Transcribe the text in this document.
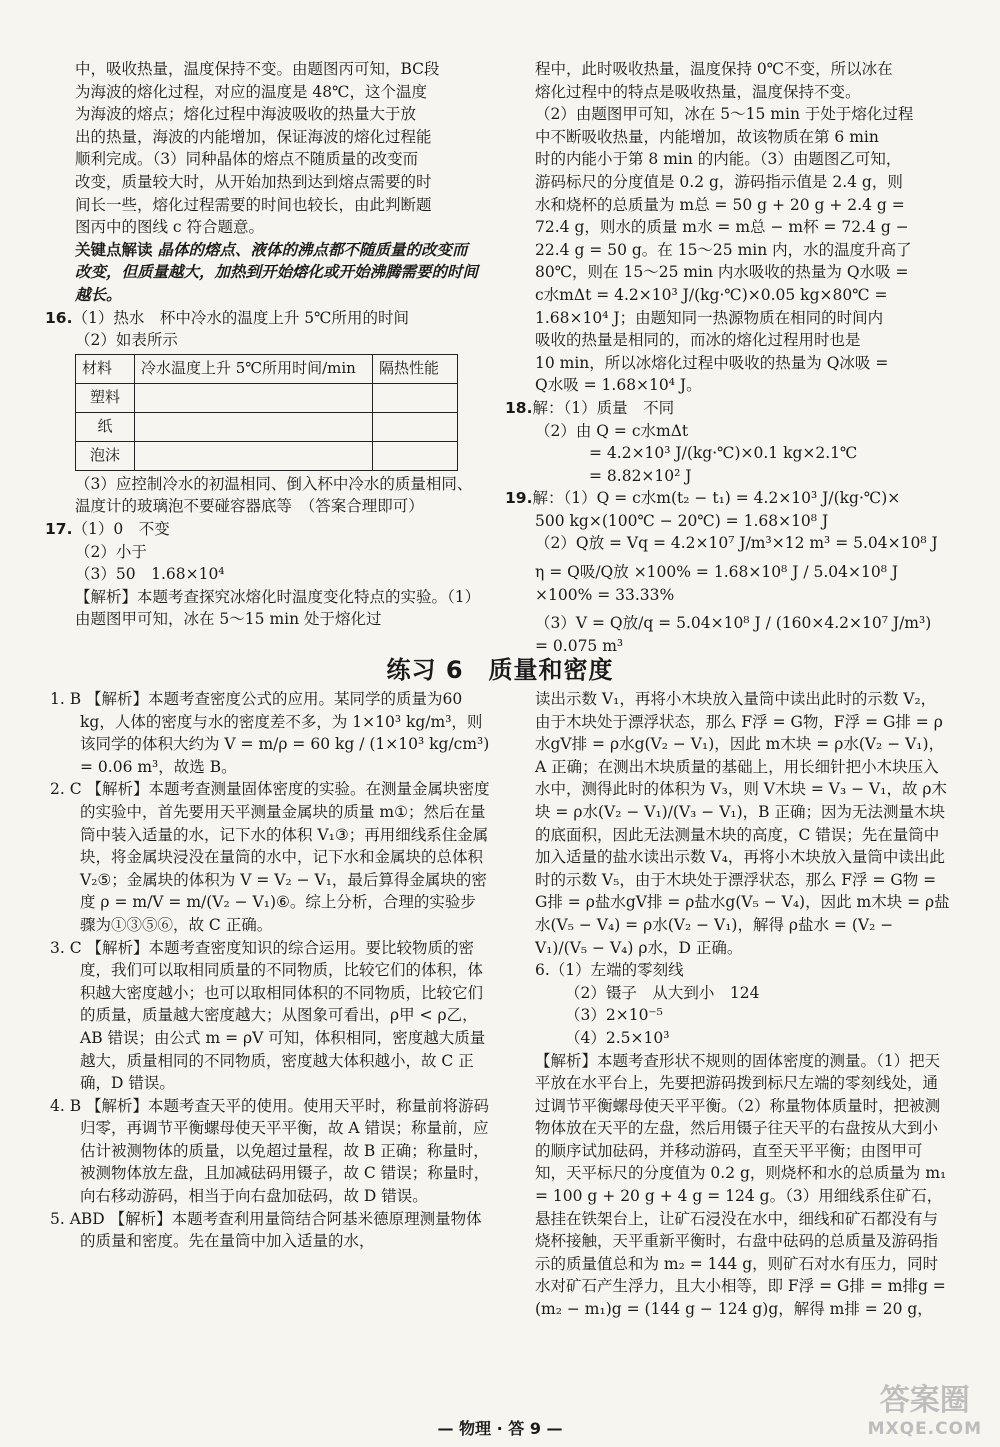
中，吸收热量，温度保持不变。由题图丙可知，BC段

为海波的熔化过程，对应的温度是 48℃，这个温度

为海波的熔点；熔化过程中海波吸收的热量大于放

出的热量，海波的内能增加，保证海波的熔化过程能

顺利完成。（3）同种晶体的熔点不随质量的改变而

改变，质量较大时，从开始加热到达到熔点需要的时

间长一些，熔化过程需要的时间也较长，由此判断题

图丙中的图线 c 符合题意。

关键点解读 晶体的熔点、液体的沸点都不随质量的改变而改变，但质量越大，加热到开始熔化或开始沸腾需要的时间越长。

16.（1）热水　杯中冷水的温度上升 5℃所用的时间
（2）如表所示
材料	冷水温度上升 5℃所用时间/min	隔热性能
塑料		
纸		
泡沫		
（3）应控制冷水的初温相同、倒入杯中冷水的质量相同、温度计的玻璃泡不要碰容器底等　（答案合理即可）
17.（1）0　不变
（2）小于
（3）50　1.68×10⁴
【解析】本题考查探究冰熔化时温度变化特点的实验。（1）由题图甲可知，冰在 5～15 min 处于熔化过

程中，此时吸收热量，温度保持 0℃不变，所以冰在

熔化过程中的特点是吸收热量，温度保持不变。

（2）由题图甲可知，冰在 5～15 min 于处于熔化过程

中不断吸收热量，内能增加，故该物质在第 6 min

时的内能小于第 8 min 的内能。（3）由题图乙可知，

游码标尺的分度值是 0.2 g，游码指示值是 2.4 g，则

水和烧杯的总质量为 m总 = 50 g + 20 g + 2.4 g =

72.4 g，则水的质量 m水 = m总 − m杯 = 72.4 g −

22.4 g = 50 g。在 15～25 min 内，水的温度升高了

80℃，则在 15～25 min 内水吸收的热量为 Q水吸 =

c水mΔt = 4.2×10³ J/(kg·℃)×0.05 kg×80℃ =

1.68×10⁴ J；由题知同一热源物质在相同的时间内

吸收的热量是相同的，而冰的熔化过程用时也是

10 min，所以冰熔化过程中吸收的热量为 Q冰吸 =

Q水吸 = 1.68×10⁴ J。

18.解：（1）质量　不同
（2）由 Q = c水mΔt
= 4.2×10³ J/(kg·℃)×0.1 kg×2.1℃
= 8.82×10² J
19.解：（1）Q = c水m(t₂ − t₁) = 4.2×10³ J/(kg·℃)×
500 kg×(100℃ − 20℃) = 1.68×10⁸ J
（2）Q放 = Vq = 4.2×10⁷ J/m³×12 m³ = 5.04×10⁸ J
η = Q吸/Q放 ×100% = 1.68×10⁸ J / 5.04×10⁸ J ×100% = 33.33%
（3）V = Q放/q = 5.04×10⁸ J / (160×4.2×10⁷ J/m³) = 0.075 m³
练习 6　质量和密度

1. B 【解析】本题考查密度公式的应用。某同学的质量为60 kg，人体的密度与水的密度差不多，为 1×10³ kg/m³，则该同学的体积大约为 V = m/ρ = 60 kg / (1×10³ kg/cm³) = 0.06 m³，故选 B。

2. C 【解析】本题考查测量固体密度的实验。在测量金属块密度的实验中，首先要用天平测量金属块的质量 m①；然后在量筒中装入适量的水，记下水的体积 V₁③；再用细线系住金属块，将金属块浸没在量筒的水中，记下水和金属块的总体积 V₂⑤；金属块的体积为 V = V₂ − V₁，最后算得金属块的密度 ρ = m/V = m/(V₂ − V₁)⑥。综上分析，合理的实验步骤为①③⑤⑥，故 C 正确。

3. C 【解析】本题考查密度知识的综合运用。要比较物质的密度，我们可以取相同质量的不同物质，比较它们的体积，体积越大密度越小；也可以取相同体积的不同物质，比较它们的质量，质量越大密度越大；从图象可看出，ρ甲 < ρ乙，AB 错误；由公式 m = ρV 可知，体积相同，密度越大质量越大，质量相同的不同物质，密度越大体积越小，故 C 正确，D 错误。

4. B 【解析】本题考查天平的使用。使用天平时，称量前将游码归零，再调节平衡螺母使天平平衡，故 A 错误；称量前，应估计被测物体的质量，以免超过量程，故 B 正确；称量时，被测物体放左盘，且加减砝码用镊子，故 C 错误；称量时，向右移动游码，相当于向右盘加砝码，故 D 错误。

5. ABD 【解析】本题考查利用量筒结合阿基米德原理测量物体的质量和密度。先在量筒中加入适量的水，

读出示数 V₁，再将小木块放入量筒中读出此时的示数 V₂，由于木块处于漂浮状态，那么 F浮 = G物，F浮 = G排 = ρ水gV排 = ρ水g(V₂ − V₁)，因此 m木块 = ρ水(V₂ − V₁)，A 正确；在测出木块质量的基础上，用长细针把小木块压入水中，测得此时的体积为 V₃，则 V木块 = V₃ − V₁，故 ρ木块 = ρ水(V₂ − V₁)/(V₃ − V₁)，B 正确；因为无法测量木块的底面积，因此无法测量木块的高度，C 错误；先在量筒中加入适量的盐水读出示数 V₄，再将小木块放入量筒中读出此时的示数 V₅，由于木块处于漂浮状态，那么 F浮 = G物 = G排 = ρ盐水gV排 = ρ盐水g(V₅ − V₄)，因此 m木块 = ρ盐水(V₅ − V₄) = ρ水(V₂ − V₁)，解得 ρ盐水 = (V₂ − V₁)/(V₅ − V₄) ρ水，D 正确。

6.（1）左端的零刻线
（2）镊子　从大到小　124
（3）2×10⁻⁵
（4）2.5×10³
【解析】本题考查形状不规则的固体密度的测量。（1）把天平放在水平台上，先要把游码拨到标尺左端的零刻线处，通过调节平衡螺母使天平平衡。（2）称量物体质量时，把被测物体放在天平的左盘，然后用镊子往天平的右盘按从大到小的顺序试加砝码，并移动游码，直至天平平衡；由图甲可知，天平标尺的分度值为 0.2 g，则烧杯和水的总质量为 m₁ = 100 g + 20 g + 4 g = 124 g。（3）用细线系住矿石，悬挂在铁架台上，让矿石浸没在水中，细线和矿石都没有与烧杯接触，天平重新平衡时，右盘中砝码的总质量及游码指示的质量值总和为 m₂ = 144 g，则矿石对水有压力，同时水对矿石产生浮力，且大小相等，即 F浮 = G排 = m排g = (m₂ − m₁)g = (144 g − 124 g)g，解得 m排 = 20 g，
— 物理 · 答 9 —
答案圈
MXQE.COM
